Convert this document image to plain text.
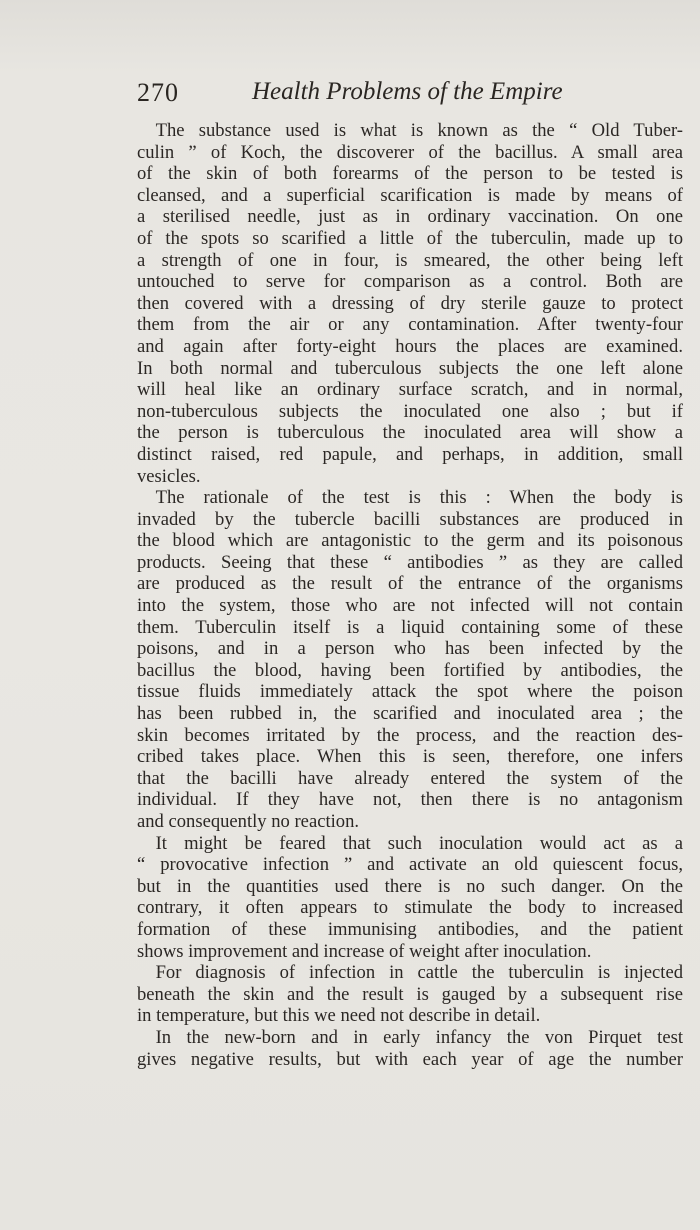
270	Health Problems of the Empire
  The substance used is what is known as the “ Old Tuber-
culin ” of Koch, the discoverer of the bacillus. A small area
of the skin of both forearms of the person to be tested is
cleansed, and a superficial scarification is made by means of
a sterilised needle, just as in ordinary vaccination. On one
of the spots so scarified a little of the tuberculin, made up to
a strength of one in four, is smeared, the other being left
untouched to serve for comparison as a control. Both are
then covered with a dressing of dry sterile gauze to protect
them from the air or any contamination. After twenty-four
and again after forty-eight hours the places are examined.
In both normal and tuberculous subjects the one left alone
will heal like an ordinary surface scratch, and in normal,
non-tuberculous subjects the inoculated one also ; but if
the person is tuberculous the inoculated area will show a
distinct raised, red papule, and perhaps, in addition, small
vesicles.
  The rationale of the test is this : When the body is
invaded by the tubercle bacilli substances are produced in
the blood which are antagonistic to the germ and its poisonous
products. Seeing that these “ antibodies ” as they are called
are produced as the result of the entrance of the organisms
into the system, those who are not infected will not contain
them. Tuberculin itself is a liquid containing some of these
poisons, and in a person who has been infected by the
bacillus the blood, having been fortified by antibodies, the
tissue fluids immediately attack the spot where the poison
has been rubbed in, the scarified and inoculated area ; the
skin becomes irritated by the process, and the reaction des-
cribed takes place. When this is seen, therefore, one infers
that the bacilli have already entered the system of the
individual. If they have not, then there is no antagonism
and consequently no reaction.
  It might be feared that such inoculation would act as a
“ provocative infection ” and activate an old quiescent focus,
but in the quantities used there is no such danger. On the
contrary, it often appears to stimulate the body to increased
formation of these immunising antibodies, and the patient
shows improvement and increase of weight after inoculation.
  For diagnosis of infection in cattle the tuberculin is injected
beneath the skin and the result is gauged by a subsequent rise
in temperature, but this we need not describe in detail.
  In the new-born and in early infancy the von Pirquet test
gives negative results, but with each year of age the number
